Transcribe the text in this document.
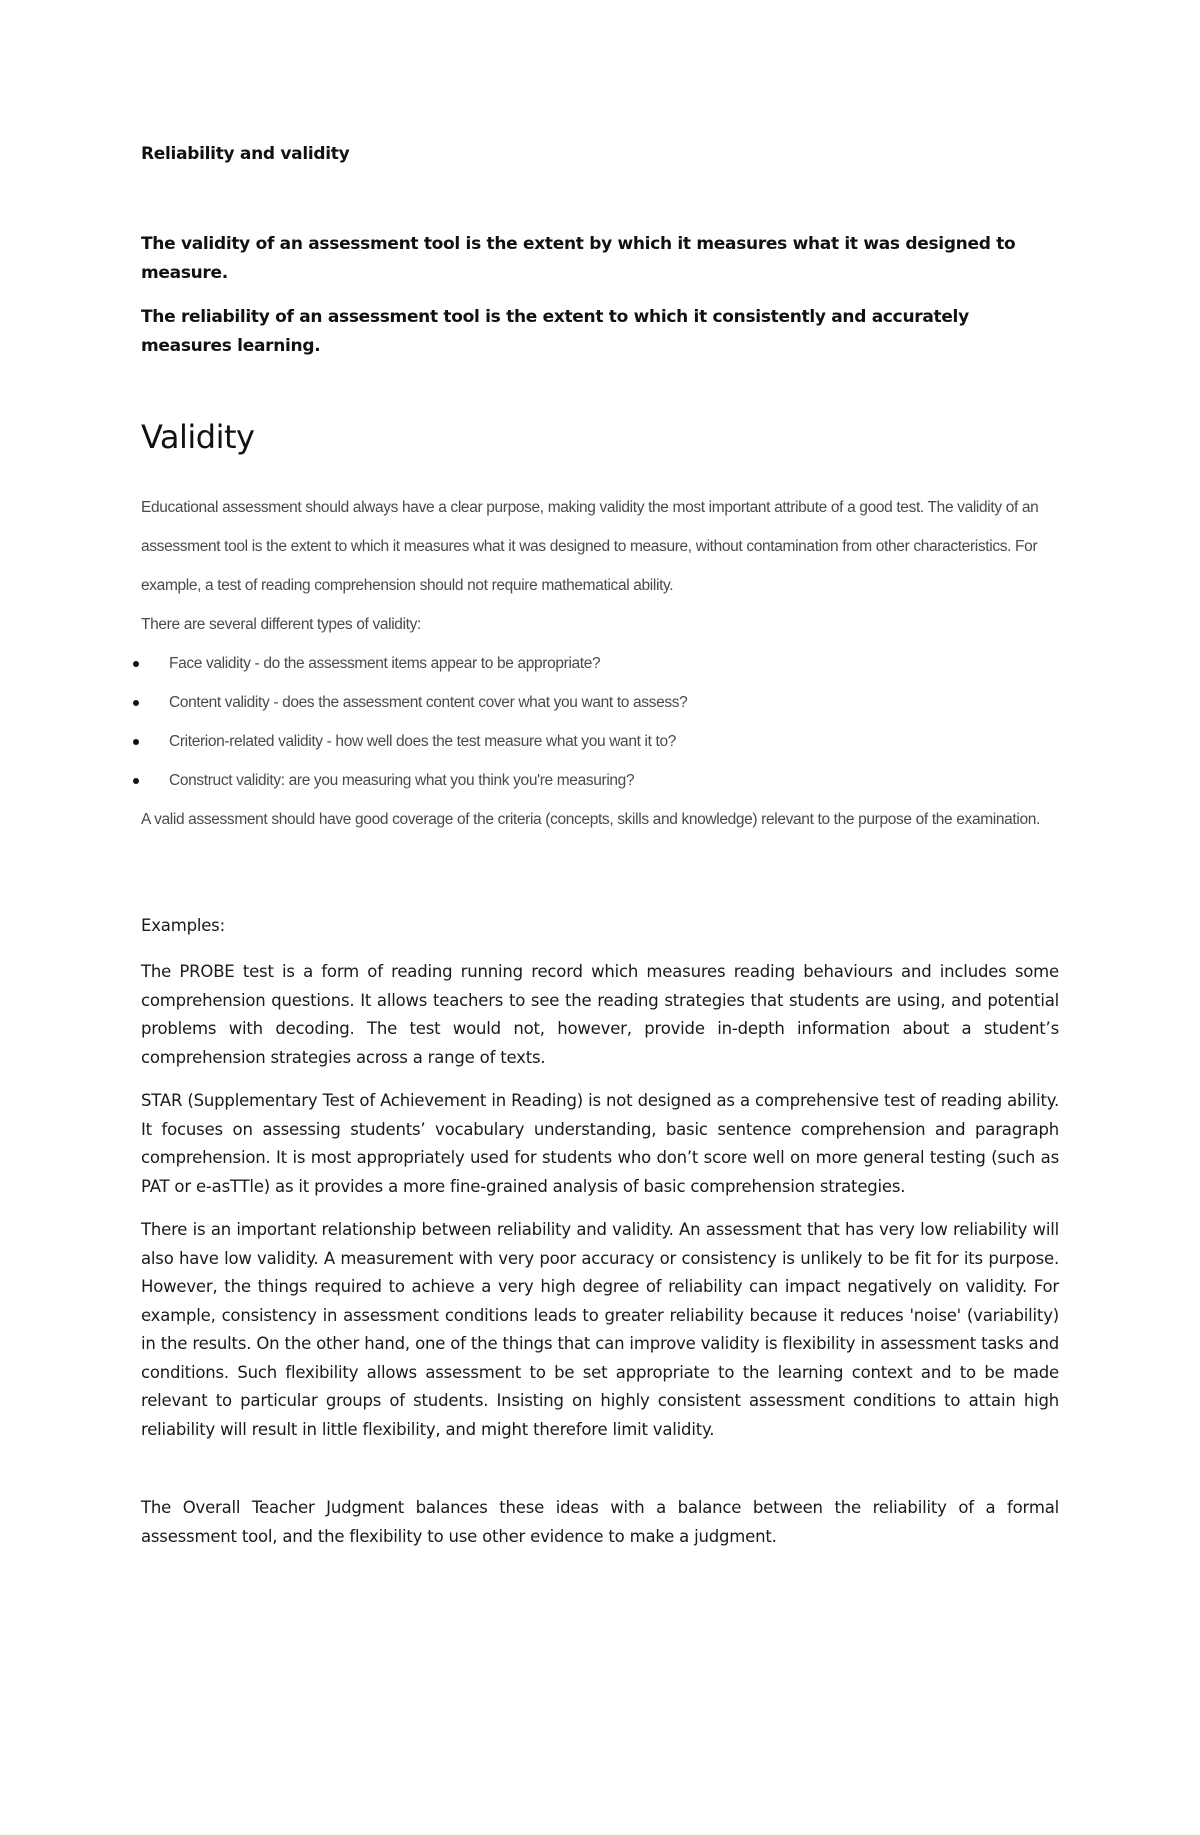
Reliability and validity

The validity of an assessment tool is the extent by which it measures what it was designed to measure.

The reliability of an assessment tool is the extent to which it consistently and accurately measures learning.

Validity

Educational assessment should always have a clear purpose, making validity the most important attribute of a good test. The validity of an assessment tool is the extent to which it measures what it was designed to measure, without contamination from other characteristics. For example, a test of reading comprehension should not require mathematical ability.

There are several different types of validity:

Face validity - do the assessment items appear to be appropriate?
Content validity - does the assessment content cover what you want to assess?
Criterion-related validity - how well does the test measure what you want it to?
Construct validity: are you measuring what you think you're measuring?

A valid assessment should have good coverage of the criteria (concepts, skills and knowledge) relevant to the purpose of the examination.

Examples:

The PROBE test is a form of reading running record which measures reading behaviours and includes some comprehension questions. It allows teachers to see the reading strategies that students are using, and potential problems with decoding. The test would not, however, provide in-depth information about a student’s comprehension strategies across a range of texts.

STAR (Supplementary Test of Achievement in Reading) is not designed as a comprehensive test of reading ability. It focuses on assessing students’ vocabulary understanding, basic sentence comprehension and paragraph comprehension. It is most appropriately used for students who don’t score well on more general testing (such as PAT or e-asTTle) as it provides a more fine-grained analysis of basic comprehension strategies.

There is an important relationship between reliability and validity. An assessment that has very low reliability will also have low validity. A measurement with very poor accuracy or consistency is unlikely to be fit for its purpose. However, the things required to achieve a very high degree of reliability can impact negatively on validity. For example, consistency in assessment conditions leads to greater reliability because it reduces 'noise' (variability) in the results. On the other hand, one of the things that can improve validity is flexibility in assessment tasks and conditions. Such flexibility allows assessment to be set appropriate to the learning context and to be made relevant to particular groups of students. Insisting on highly consistent assessment conditions to attain high reliability will result in little flexibility, and might therefore limit validity.

The Overall Teacher Judgment balances these ideas with a balance between the reliability of a formal assessment tool, and the flexibility to use other evidence to make a judgment.
